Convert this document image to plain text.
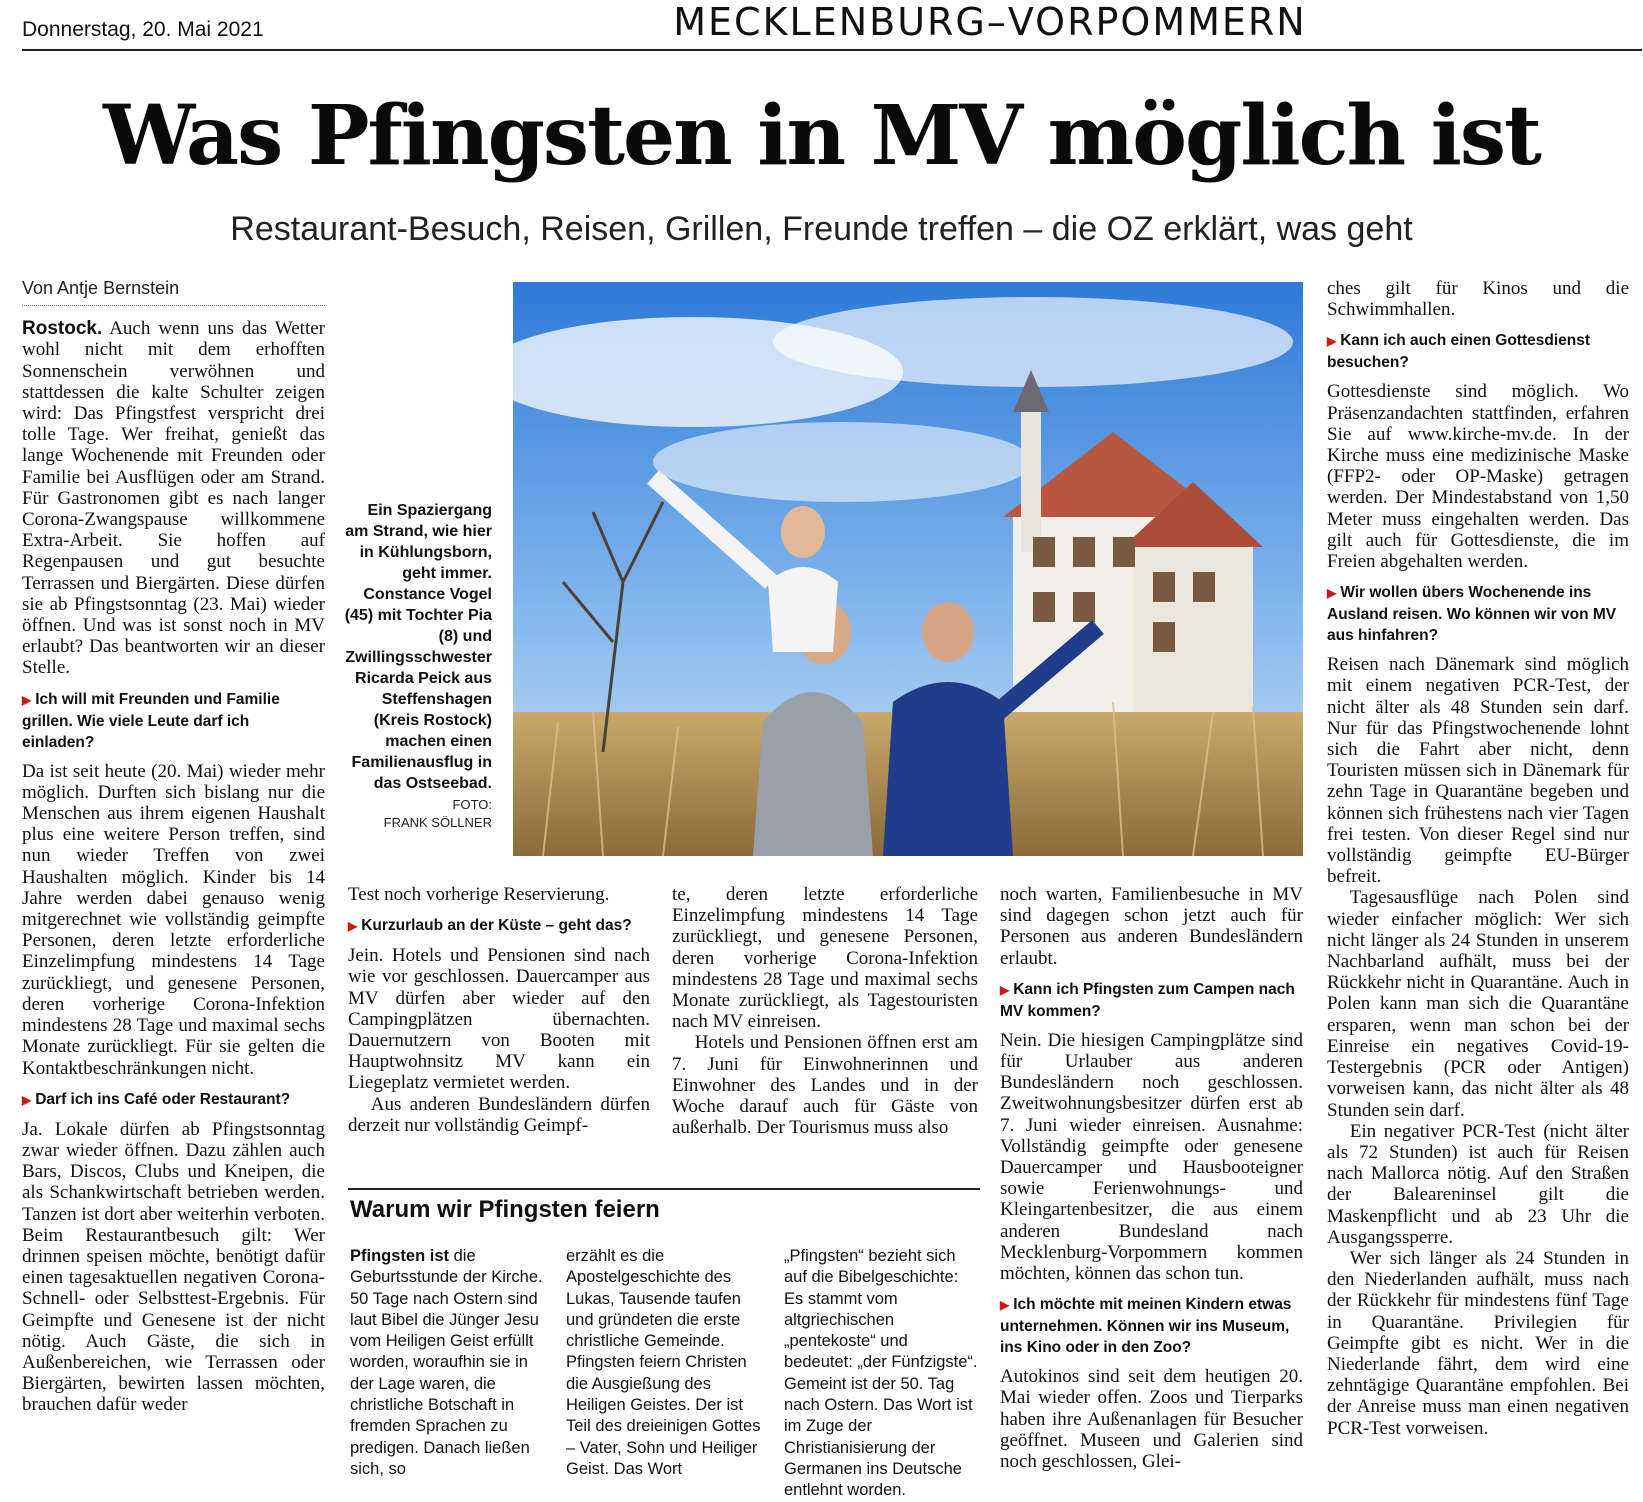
Donnerstag, 20. Mai 2021	MECKLENBURG–VORPOMMERN
Was Pfingsten in MV möglich ist
Restaurant-Besuch, Reisen, Grillen, Freunde treffen – die OZ erklärt, was geht
Von Antje Bernstein

Rostock. Auch wenn uns das Wetter wohl nicht mit dem erhofften Sonnenschein verwöhnen und stattdessen die kalte Schulter zeigen wird: Das Pfingstfest verspricht drei tolle Tage. Wer freihat, genießt das lange Wochenende mit Freunden oder Familie bei Ausflügen oder am Strand. Für Gastronomen gibt es nach langer Corona-Zwangspause willkommene Extra-Arbeit. Sie hoffen auf Regenpausen und gut besuchte Terrassen und Biergärten. Diese dürfen sie ab Pfingstsonntag (23. Mai) wieder öffnen. Und was ist sonst noch in MV erlaubt? Das beantworten wir an dieser Stelle.

▶ Ich will mit Freunden und Familie grillen. Wie viele Leute darf ich einladen?

Da ist seit heute (20. Mai) wieder mehr möglich. Durften sich bislang nur die Menschen aus ihrem eigenen Haushalt plus eine weitere Person treffen, sind nun wieder Treffen von zwei Haushalten möglich. Kinder bis 14 Jahre werden dabei genauso wenig mitgerechnet wie vollständig geimpfte Personen, deren letzte erforderliche Einzelimpfung mindestens 14 Tage zurückliegt, und genesene Personen, deren vorherige Corona-Infektion mindestens 28 Tage und maximal sechs Monate zurückliegt. Für sie gelten die Kontaktbeschränkungen nicht.

▶ Darf ich ins Café oder Restaurant?

Ja. Lokale dürfen ab Pfingstsonntag zwar wieder öffnen. Dazu zählen auch Bars, Discos, Clubs und Kneipen, die als Schankwirtschaft betrieben werden. Tanzen ist dort aber weiterhin verboten. Beim Restaurantbesuch gilt: Wer drinnen speisen möchte, benötigt dafür einen tagesaktuellen negativen Corona-Schnell- oder Selbsttest-Ergebnis. Für Geimpfte und Genesene ist der nicht nötig. Auch Gäste, die sich in Außenbereichen, wie Terrassen oder Biergärten, bewirten lassen möchten, brauchen dafür weder

Ein Spaziergang am Strand, wie hier in Kühlungsborn, geht immer. Constance Vogel (45) mit Tochter Pia (8) und Zwillingsschwester Ricarda Peick aus Steffenshagen (Kreis Rostock) machen einen Familienausflug in das Ostseebad.
FOTO:
FRANK SÖLLNER

Test noch vorherige Reservierung.

▶ Kurzurlaub an der Küste – geht das?

Jein. Hotels und Pensionen sind nach wie vor geschlossen. Dauercamper aus MV dürfen aber wieder auf den Campingplätzen übernachten. Dauernutzern von Booten mit Hauptwohnsitz MV kann ein Liegeplatz vermietet werden.

Aus anderen Bundesländern dürfen derzeit nur vollständig Geimpf-

te, deren letzte erforderliche Einzelimpfung mindestens 14 Tage zurückliegt, und genesene Personen, deren vorherige Corona-Infektion mindestens 28 Tage und maximal sechs Monate zurückliegt, als Tagestouristen nach MV einreisen.

Hotels und Pensionen öffnen erst am 7. Juni für Einwohnerinnen und Einwohner des Landes und in der Woche darauf auch für Gäste von außerhalb. Der Tourismus muss also

noch warten, Familienbesuche in MV sind dagegen schon jetzt auch für Personen aus anderen Bundesländern erlaubt.

▶ Kann ich Pfingsten zum Campen nach MV kommen?

Nein. Die hiesigen Campingplätze sind für Urlauber aus anderen Bundesländern noch geschlossen. Zweitwohnungsbesitzer dürfen erst ab 7. Juni wieder einreisen. Ausnahme: Vollständig geimpfte oder genesene Dauercamper und Hausbooteigner sowie Ferienwohnungs- und Kleingartenbesitzer, die aus einem anderen Bundesland nach Mecklenburg-Vorpommern kommen möchten, können das schon tun.

▶ Ich möchte mit meinen Kindern etwas unternehmen. Können wir ins Museum, ins Kino oder in den Zoo?

Autokinos sind seit dem heutigen 20. Mai wieder offen. Zoos und Tierparks haben ihre Außenanlagen für Besucher geöffnet. Museen und Galerien sind noch geschlossen, Glei-

ches gilt für Kinos und die Schwimmhallen.

▶ Kann ich auch einen Gottesdienst besuchen?

Gottesdienste sind möglich. Wo Präsenzandachten stattfinden, erfahren Sie auf www.kirche-mv.de. In der Kirche muss eine medizinische Maske (FFP2- oder OP-Maske) getragen werden. Der Mindestabstand von 1,50 Meter muss eingehalten werden. Das gilt auch für Gottesdienste, die im Freien abgehalten werden.

▶ Wir wollen übers Wochenende ins Ausland reisen. Wo können wir von MV aus hinfahren?

Reisen nach Dänemark sind möglich mit einem negativen PCR-Test, der nicht älter als 48 Stunden sein darf. Nur für das Pfingstwochenende lohnt sich die Fahrt aber nicht, denn Touristen müssen sich in Dänemark für zehn Tage in Quarantäne begeben und können sich frühestens nach vier Tagen frei testen. Von dieser Regel sind nur vollständig geimpfte EU-Bürger befreit.

Tagesausflüge nach Polen sind wieder einfacher möglich: Wer sich nicht länger als 24 Stunden in unserem Nachbarland aufhält, muss bei der Rückkehr nicht in Quarantäne. Auch in Polen kann man sich die Quarantäne ersparen, wenn man schon bei der Einreise ein negatives Covid-19-Testergebnis (PCR oder Antigen) vorweisen kann, das nicht älter als 48 Stunden sein darf.

Ein negativer PCR-Test (nicht älter als 72 Stunden) ist auch für Reisen nach Mallorca nötig. Auf den Straßen der Baleareninsel gilt die Maskenpflicht und ab 23 Uhr die Ausgangssperre.

Wer sich länger als 24 Stunden in den Niederlanden aufhält, muss nach der Rückkehr für mindestens fünf Tage in Quarantäne. Privilegien für Geimpfte gibt es nicht. Wer in die Niederlande fährt, dem wird eine zehntägige Quarantäne empfohlen. Bei der Anreise muss man einen negativen PCR-Test vorweisen.

Warum wir Pfingsten feiern
Pfingsten ist die Geburtsstunde der Kirche. 50 Tage nach Ostern sind laut Bibel die Jünger Jesu vom Heiligen Geist erfüllt worden, woraufhin sie in der Lage waren, die christliche Botschaft in fremden Sprachen zu predigen. Danach ließen sich, so
erzählt es die Apostelgeschichte des Lukas, Tausende taufen und gründeten die erste christliche Gemeinde. Pfingsten feiern Christen die Ausgießung des Heiligen Geistes. Der ist Teil des dreieinigen Gottes – Vater, Sohn und Heiliger Geist. Das Wort
„Pfingsten“ bezieht sich auf die Bibelgeschichte: Es stammt vom altgriechischen „pentekoste“ und bedeutet: „der Fünfzigste“. Gemeint ist der 50. Tag nach Ostern. Das Wort ist im Zuge der Christianisierung der Germanen ins Deutsche entlehnt worden.
